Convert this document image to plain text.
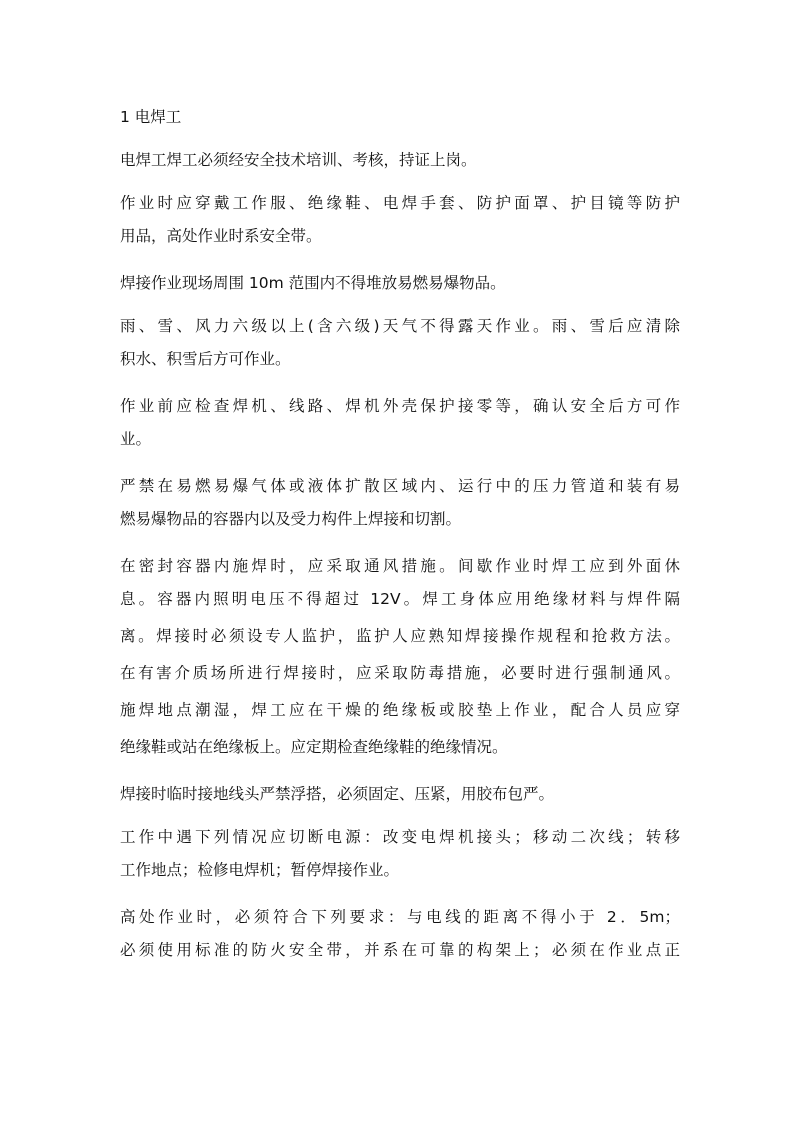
1 电焊工
电焊工焊工必须经安全技术培训、考核，持证上岗。
作业时应穿戴工作服、绝缘鞋、电焊手套、防护面罩、护目镜等防护
用品，高处作业时系安全带。
焊接作业现场周围 10m 范围内不得堆放易燃易爆物品。
雨、雪、风力六级以上(含六级)天气不得露天作业。雨、雪后应清除
积水、积雪后方可作业。
作业前应检查焊机、线路、焊机外壳保护接零等，确认安全后方可作
业。
严禁在易燃易爆气体或液体扩散区域内、运行中的压力管道和装有易
燃易爆物品的容器内以及受力构件上焊接和切割。
在密封容器内施焊时，应采取通风措施。间歇作业时焊工应到外面休
息。容器内照明电压不得超过 12V。焊工身体应用绝缘材料与焊件隔
离。焊接时必须设专人监护，监护人应熟知焊接操作规程和抢救方法。
在有害介质场所进行焊接时，应采取防毒措施，必要时进行强制通风。
施焊地点潮湿，焊工应在干燥的绝缘板或胶垫上作业，配合人员应穿
绝缘鞋或站在绝缘板上。应定期检查绝缘鞋的绝缘情况。
焊接时临时接地线头严禁浮搭，必须固定、压紧，用胶布包严。
工作中遇下列情况应切断电源：改变电焊机接头；移动二次线；转移
工作地点；检修电焊机；暂停焊接作业。
高处作业时，必须符合下列要求：与电线的距离不得小于 2．5m；
必须使用标准的防火安全带，并系在可靠的构架上；必须在作业点正
